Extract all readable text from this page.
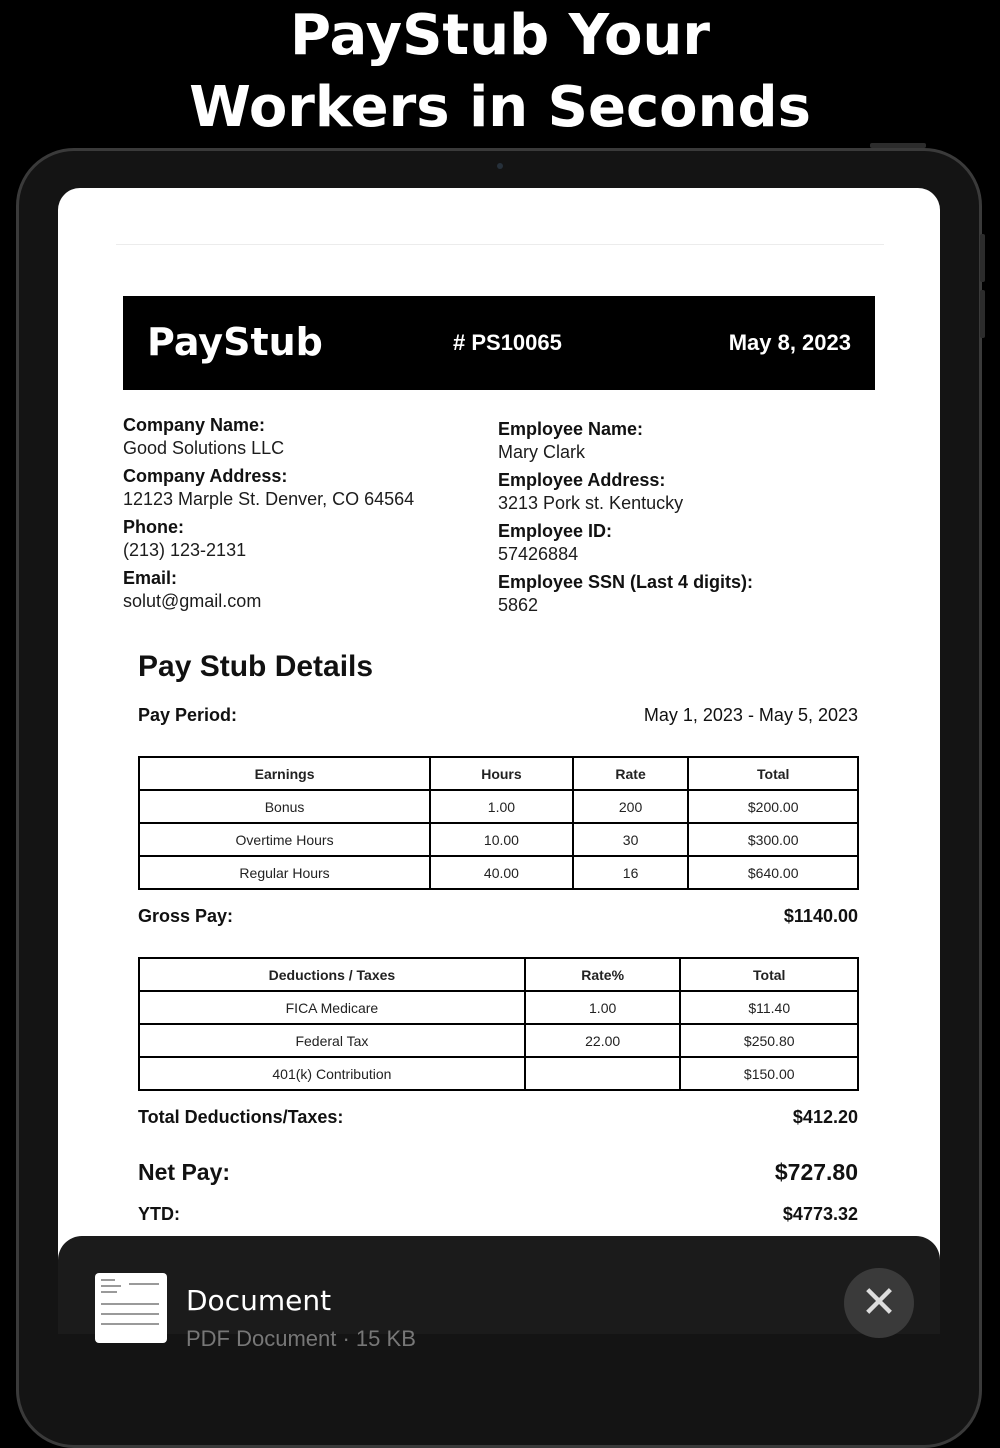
PayStub Your
Workers in Seconds
PayStub	# PS10065	May 8, 2023
Company Name:
Good Solutions LLC
Company Address:
12123 Marple St. Denver, CO 64564
Phone:
(213) 123-2131
Email:
solut@gmail.com
Employee Name:
Mary Clark
Employee Address:
3213 Pork st. Kentucky
Employee ID:
57426884
Employee SSN (Last 4 digits):
5862
Pay Stub Details
Pay Period:	May 1, 2023 - May 5, 2023
Earnings	Hours	Rate	Total
Bonus	1.00	200	$200.00
Overtime Hours	10.00	30	$300.00
Regular Hours	40.00	16	$640.00
Gross Pay:	$1140.00
Deductions / Taxes	Rate%	Total
FICA Medicare	1.00	$11.40
Federal Tax	22.00	$250.80
401(k) Contribution		$150.00
Total Deductions/Taxes:	$412.20
Net Pay:	$727.80
YTD:	$4773.32
Document
PDF Document · 15 KB
✕
